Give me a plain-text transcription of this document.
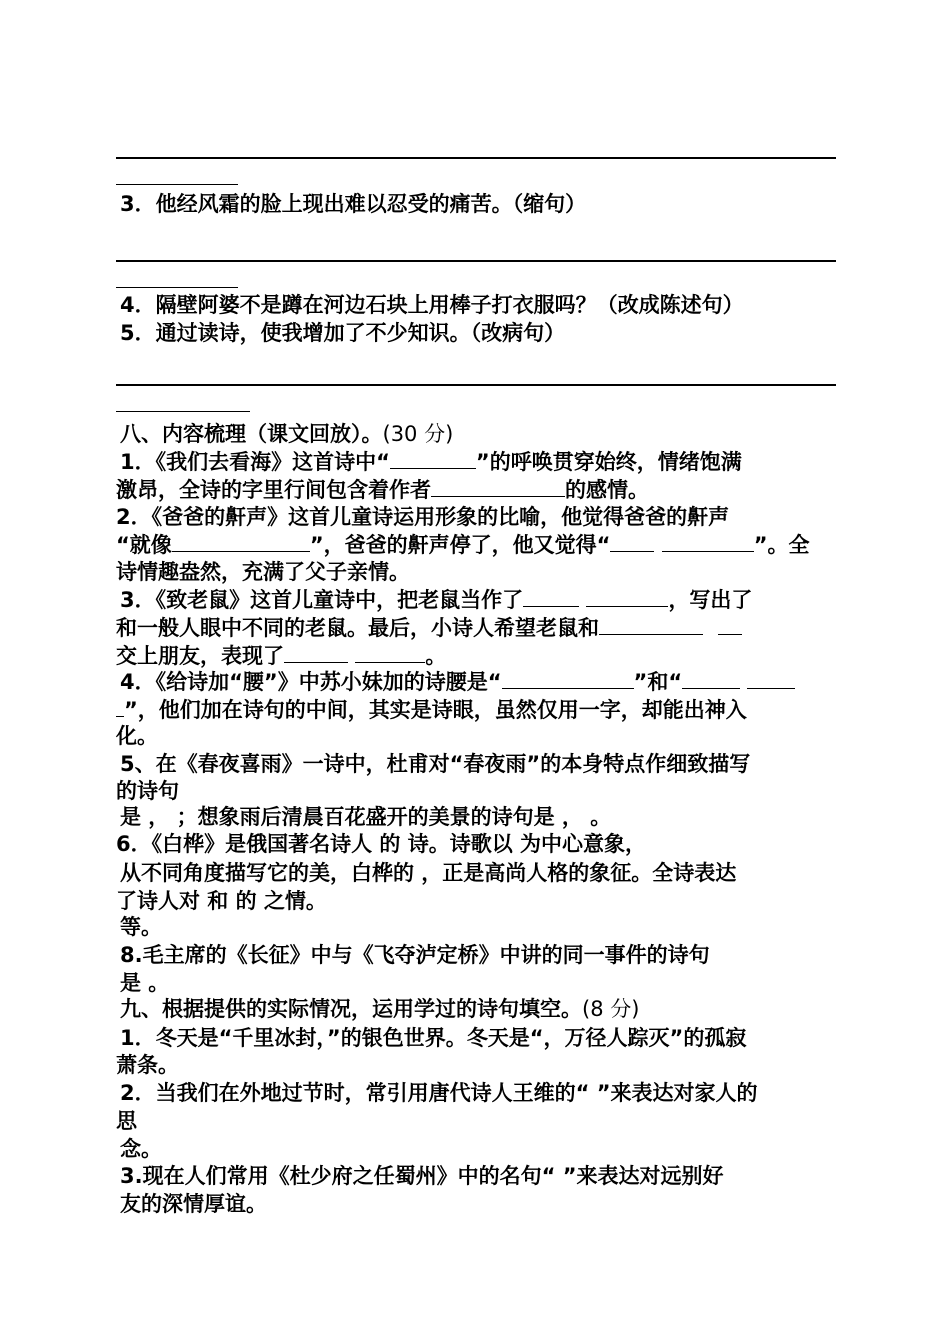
3．他经风霜的脸上现出难以忍受的痛苦。（缩句）
4．隔壁阿婆不是蹲在河边石块上用棒子打衣服吗？（改成陈述句）
5．通过读诗，使我增加了不少知识。（改病句）
八、内容梳理（课文回放）。(30 分)
1．《我们去看海》这首诗中“	”的呼唤贯穿始终，情绪饱满
激昂，全诗的字里行间包含着作者	的感情。
2．《爸爸的鼾声》这首儿童诗运用形象的比喻，他觉得爸爸的鼾声
“就像	”，爸爸的鼾声停了，他又觉得“	”。全
诗情趣盎然，充满了父子亲情。
3．《致老鼠》这首儿童诗中，把老鼠当作了	，写出了
和一般人眼中不同的老鼠。最后，小诗人希望老鼠和
交上朋友，表现了	。
4．《给诗加“腰”》中苏小妹加的诗腰是“	”和“
”，他们加在诗句的中间，其实是诗眼，虽然仅用一字，却能出神入
化。
5、在《春夜喜雨》一诗中，杜甫对“春夜雨”的本身特点作细致描写
的诗句
是 ， ；想象雨后清晨百花盛开的美景的诗句是 ， 。
6．《白桦》是俄国著名诗人 的 诗。诗歌以 为中心意象，
从不同角度描写它的美，白桦的 ，正是高尚人格的象征。全诗表达
了诗人对 和 的 之情。
等。
8.毛主席的《长征》中与《飞夺泸定桥》中讲的同一事件的诗句
是 。
九、根据提供的实际情况，运用学过的诗句填空。(8 分)
1．冬天是“千里冰封，”的银色世界。冬天是“，万径人踪灭”的孤寂
萧条。
2．当我们在外地过节时，常引用唐代诗人王维的“ ”来表达对家人的
思
念。
3.现在人们常用《杜少府之任蜀州》中的名句“ ”来表达对远别好
友的深情厚谊。
